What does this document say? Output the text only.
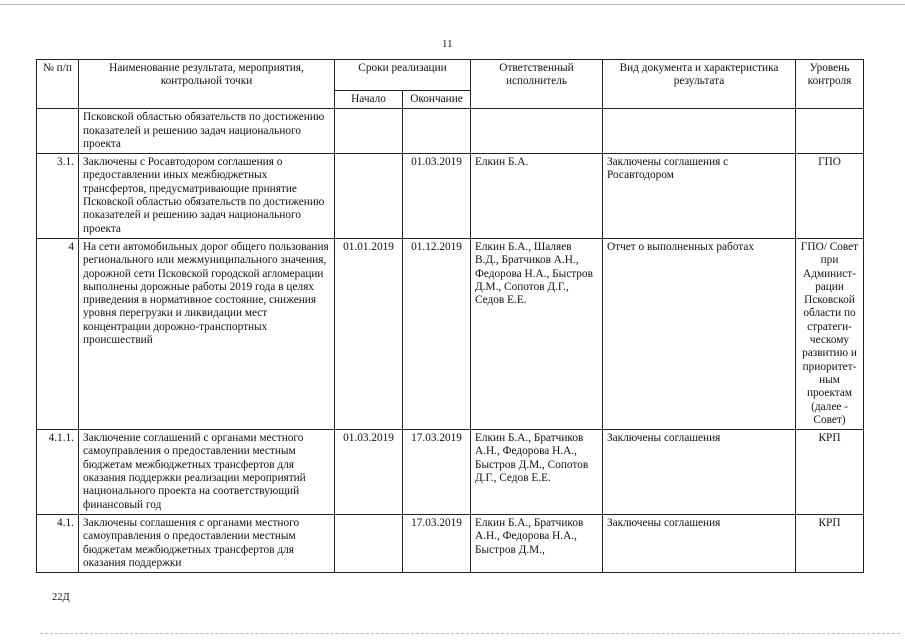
11
№ п/п	Наименование результата, мероприятия, контрольной точки	Сроки реализации		Ответственный исполнитель	Вид документа и характеристика результата	Уровень контроля
		Начало	Окончание			
	Псковской областью обязательств по достижению показателей и решению задач национального проекта					
3.1.	Заключены с Росавтодором соглашения о предоставлении иных межбюджетных трансфертов, предусматривающие принятие Псковской областью обязательств по достижению показателей и решению задач национального проекта		01.03.2019	Елкин Б.А.	Заключены соглашения с Росавтодором	ГПО
4	На сети автомобильных дорог общего пользования регионального или межмуниципального значения, дорожной сети Псковской городской агломерации выполнены дорожные работы 2019 года в целях приведения в нормативное состояние, снижения уровня перегрузки и ликвидации мест концентрации дорожно-транспортных происшествий	01.01.2019	01.12.2019	Елкин Б.А., Шаляев В.Д., Братчиков А.Н., Федорова Н.А., Быстров Д.М., Сопотов Д.Г., Седов Е.Е.	Отчет о выполненных работах	ГПО/ Совет при Админист-рации Псковской области по стратеги-ческому развитию и приоритет-ным проектам (далее - Совет)
4.1.1.	Заключение соглашений с органами местного самоуправления о предоставлении местным бюджетам межбюджетных трансфертов для оказания поддержки реализации мероприятий национального проекта на соответствующий финансовый год	01.03.2019	17.03.2019	Елкин Б.А., Братчиков А.Н., Федорова Н.А., Быстров Д.М., Сопотов Д.Г., Седов Е.Е.	Заключены соглашения	КРП
4.1.	Заключены соглашения с органами местного самоуправления о предоставлении местным бюджетам межбюджетных трансфертов для оказания поддержки		17.03.2019	Елкин Б.А., Братчиков А.Н., Федорова Н.А., Быстров Д.М.,	Заключены соглашения	КРП
22Д
